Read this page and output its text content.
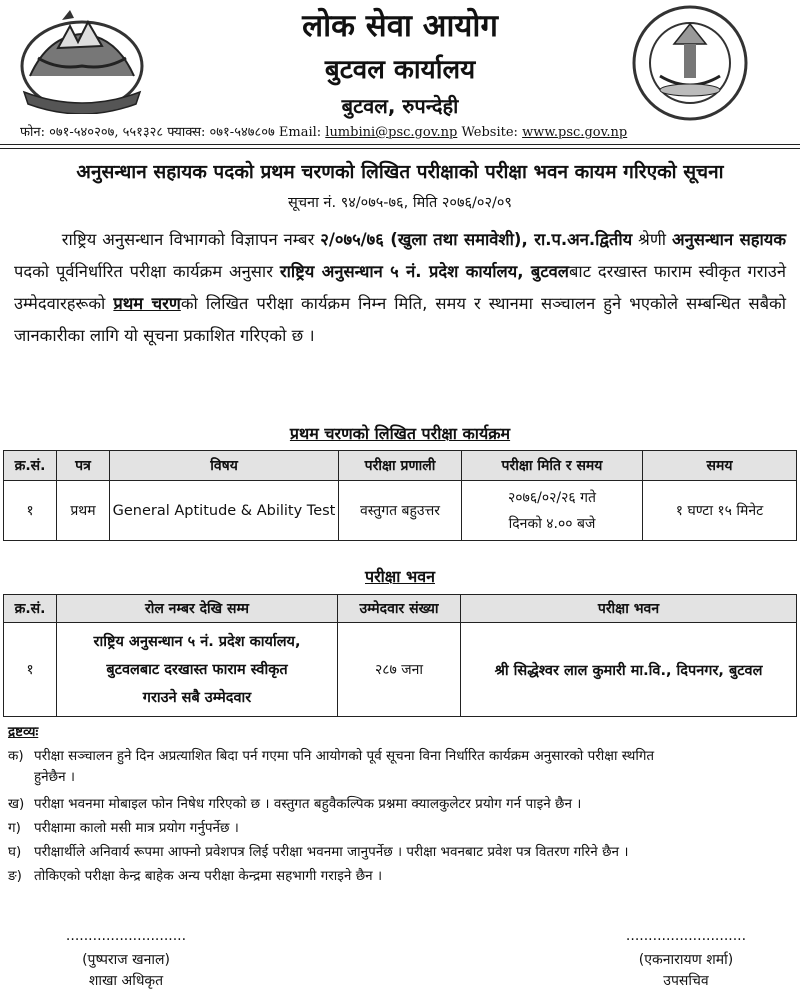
लोक सेवा आयोग
बुटवल कार्यालय
बुटवल, रुपन्देही
फोन: ०७१-५४०२०७, ५५१३२८ फ्याक्स: ०७१-५४७८०७ Email: lumbini@psc.gov.np Website: www.psc.gov.np
अनुसन्धान सहायक पदको प्रथम चरणको लिखित परीक्षाको परीक्षा भवन कायम गरिएको सूचना
सूचना नं. ९४/०७५-७६, मिति २०७६/०२/०९
राष्ट्रिय अनुसन्धान विभागको विज्ञापन नम्बर २/०७५/७६ (खुला तथा समावेशी), रा.प.अन.द्वितीय श्रेणी अनुसन्धान सहायक पदको पूर्वनिर्धारित परीक्षा कार्यक्रम अनुसार राष्ट्रिय अनुसन्धान ५ नं. प्रदेश कार्यालय, बुटवलबाट दरखास्त फाराम स्वीकृत गराउने उम्मेदवारहरूको प्रथम चरणको लिखित परीक्षा कार्यक्रम निम्न मिति, समय र स्थानमा सञ्चालन हुने भएकोले सम्बन्धित सबैको जानकारीका लागि यो सूचना प्रकाशित गरिएको छ ।
प्रथम चरणको लिखित परीक्षा कार्यक्रम
क्र.सं.	पत्र	विषय	परीक्षा प्रणाली	परीक्षा मिति र समय	समय
१	प्रथम	General Aptitude & Ability Test	वस्तुगत बहुउत्तर	२०७६/०२/२६ गते
दिनको ४.०० बजे	१ घण्टा १५ मिनेट
परीक्षा भवन
क्र.सं.	रोल नम्बर देखि सम्म	उम्मेदवार संख्या	परीक्षा भवन
१	राष्ट्रिय अनुसन्धान ५ नं. प्रदेश कार्यालय,
बुटवलबाट दरखास्त फाराम स्वीकृत
गराउने सबै उम्मेदवार	२८७ जना	श्री सिद्धेश्वर लाल कुमारी मा.वि., दिपनगर, बुटवल
द्रष्टव्यः
क) परीक्षा सञ्चालन हुने दिन अप्रत्याशित बिदा पर्न गएमा पनि आयोगको पूर्व सूचना विना निर्धारित कार्यक्रम अनुसारको परीक्षा स्थगित
हुनेछैन ।
ख) परीक्षा भवनमा मोबाइल फोन निषेध गरिएको छ । वस्तुगत बहुवैकल्पिक प्रश्नमा क्यालकुलेटर प्रयोग गर्न पाइने छैन ।
ग) परीक्षामा कालो मसी मात्र प्रयोग गर्नुपर्नेछ ।
घ) परीक्षार्थीले अनिवार्य रूपमा आफ्नो प्रवेशपत्र लिई परीक्षा भवनमा जानुपर्नेछ । परीक्षा भवनबाट प्रवेश पत्र वितरण गरिने छैन ।
ङ) तोकिएको परीक्षा केन्द्र बाहेक अन्य परीक्षा केन्द्रमा सहभागी गराइने छैन ।
...........................
(पुष्पराज खनाल)
शाखा अधिकृत
...........................
(एकनारायण शर्मा)
उपसचिव
